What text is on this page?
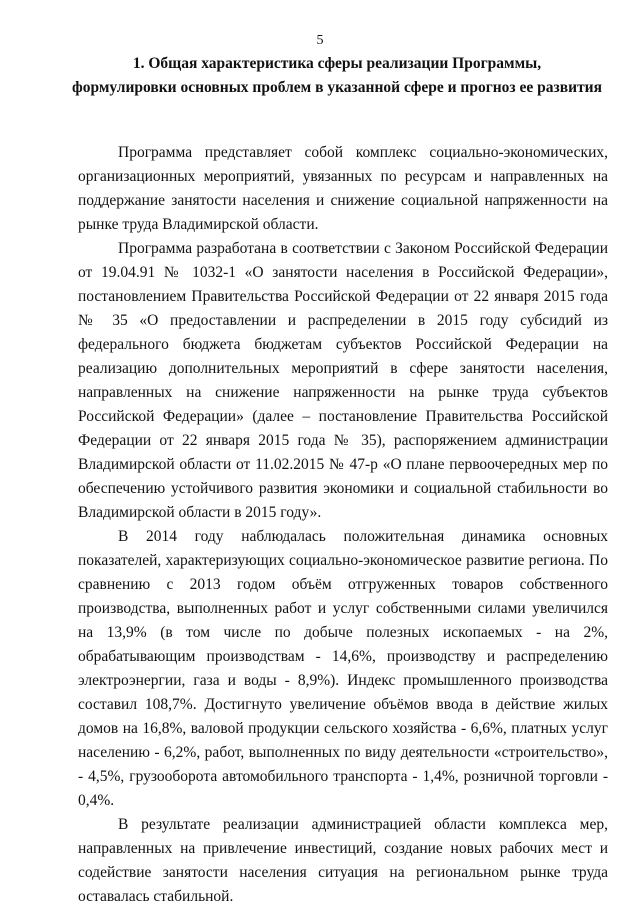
5
1. Общая характеристика сферы реализации Программы,
формулировки основных проблем в указанной сфере и прогноз ее развития

Программа представляет собой комплекс социально-экономических, организационных мероприятий, увязанных по ресурсам и направленных на поддержание занятости населения и снижение социальной напряженности на рынке труда Владимирской области.

Программа разработана в соответствии с Законом Российской Федерации от 19.04.91 № 1032-1 «О занятости населения в Российской Федерации», постановлением Правительства Российской Федерации от 22 января 2015 года № 35 «О предоставлении и распределении в 2015 году субсидий из федерального бюджета бюджетам субъектов Российской Федерации на реализацию дополнительных мероприятий в сфере занятости населения, направленных на снижение напряженности на рынке труда субъектов Российской Федерации» (далее – постановление Правительства Российской Федерации от 22 января 2015 года № 35), распоряжением администрации Владимирской области от 11.02.2015 № 47-р «О плане первоочередных мер по обеспечению устойчивого развития экономики и социальной стабильности во Владимирской области в 2015 году».

В 2014 году наблюдалась положительная динамика основных показателей, характеризующих социально-экономическое развитие региона. По сравнению с 2013 годом объём отгруженных товаров собственного производства, выполненных работ и услуг собственными силами увеличился на 13,9% (в том числе по добыче полезных ископаемых - на 2%, обрабатывающим производствам - 14,6%, производству и распределению электроэнергии, газа и воды - 8,9%). Индекс промышленного производства составил 108,7%. Достигнуто увеличение объёмов ввода в действие жилых домов на 16,8%, валовой продукции сельского хозяйства - 6,6%, платных услуг населению - 6,2%, работ, выполненных по виду деятельности «строительство», - 4,5%, грузооборота автомобильного транспорта - 1,4%, розничной торговли - 0,4%.

В результате реализации администрацией области комплекса мер, направленных на привлечение инвестиций, создание новых рабочих мест и содействие занятости населения ситуация на региональном рынке труда оставалась стабильной.
